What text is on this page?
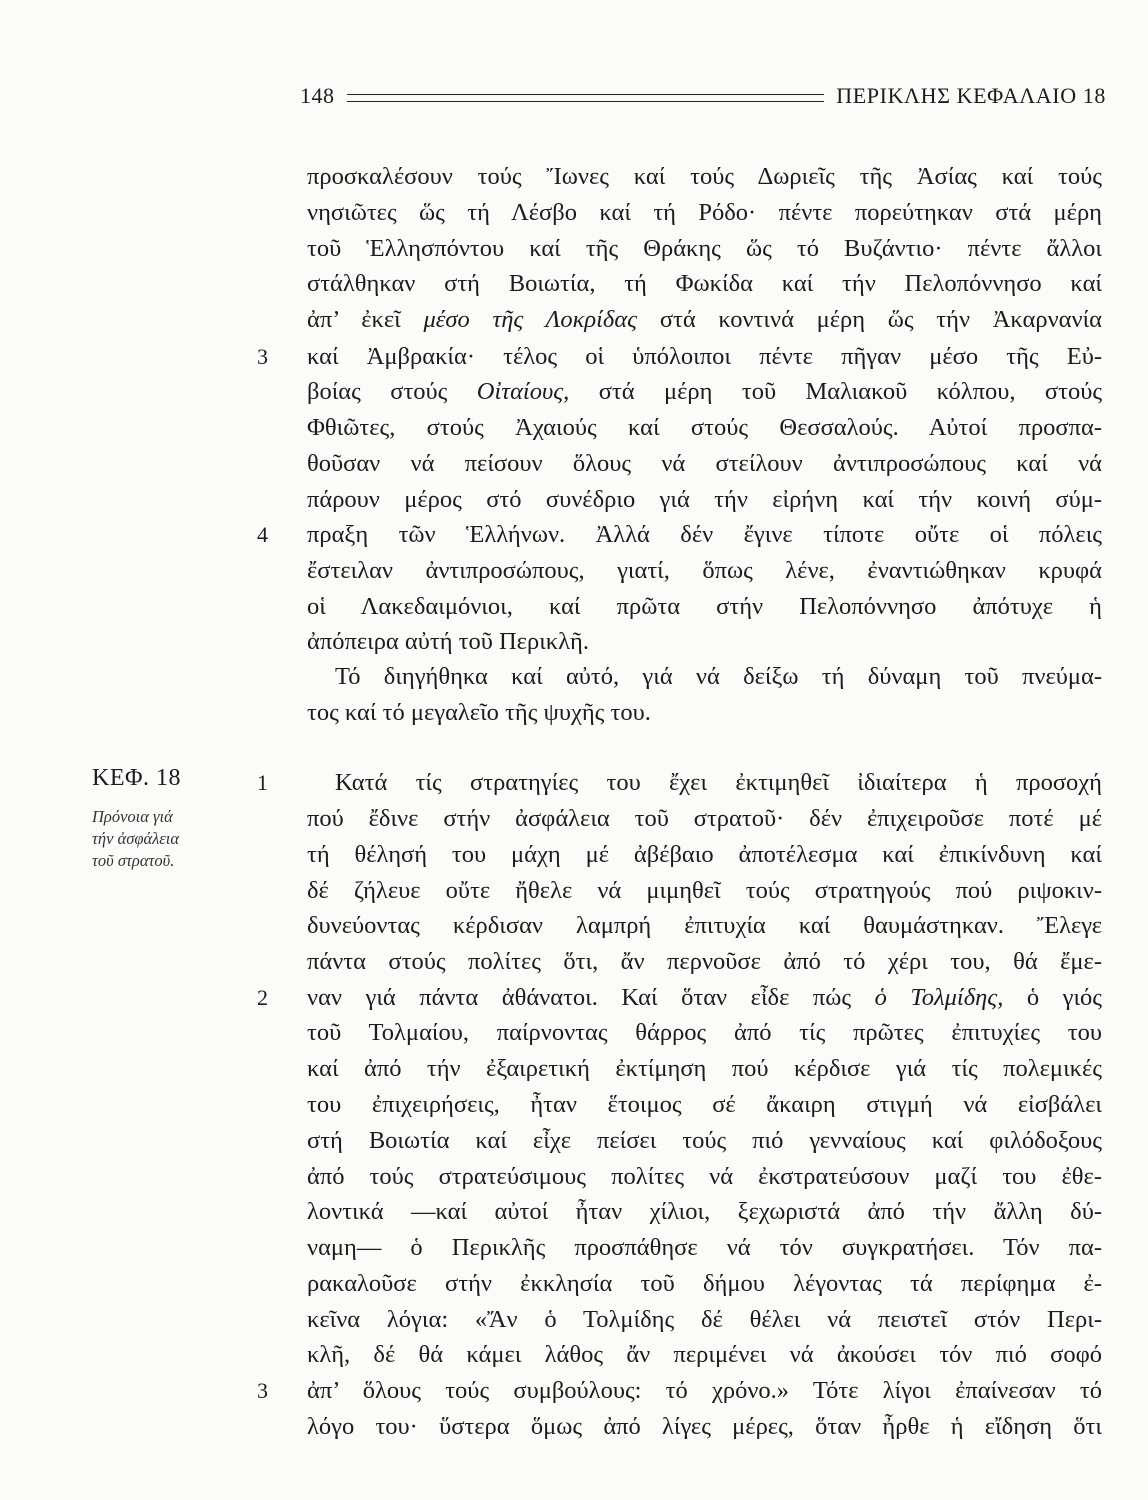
148	ΠΕΡΙΚΛΗΣ ΚΕΦΑΛΑΙΟ 18
ΚΕΦ. 18
Πρόνοια γιά
τήν ἀσφάλεια
τοῦ στρατοῦ.
3
4
1
2
3
προσκαλέσουν τούς Ἴωνες καί τούς Δωριεῖς τῆς Ἀσίας καί τούς
νησιῶτες ὥς τή Λέσβο καί τή Ρόδο· πέντε πορεύτηκαν στά μέρη
τοῦ Ἑλλησπόντου καί τῆς Θράκης ὥς τό Βυζάντιο· πέντε ἄλλοι
στάλθηκαν στή Βοιωτία, τή Φωκίδα καί τήν Πελοπόννησο καί
ἀπ’ ἐκεῖ μέσο τῆς Λοκρίδας στά κοντινά μέρη ὥς τήν Ἀκαρνανία
καί Ἀμβρακία· τέλος οἱ ὑπόλοιποι πέντε πῆγαν μέσο τῆς Εὐ-
βοίας στούς Οἰταίους, στά μέρη τοῦ Μαλιακοῦ κόλπου, στούς
Φθιῶτες, στούς Ἀχαιούς καί στούς Θεσσαλούς. Αὐτοί προσπα-
θοῦσαν νά πείσουν ὅλους νά στείλουν ἀντιπροσώπους καί νά
πάρουν μέρος στό συνέδριο γιά τήν εἰρήνη καί τήν κοινή σύμ-
πραξη τῶν Ἑλλήνων. Ἀλλά δέν ἔγινε τίποτε οὔτε οἱ πόλεις
ἔστειλαν ἀντιπροσώπους, γιατί, ὅπως λένε, ἐναντιώθηκαν κρυφά
οἱ Λακεδαιμόνιοι, καί πρῶτα στήν Πελοπόννησο ἀπότυχε ἡ
ἀπόπειρα αὐτή τοῦ Περικλῆ.
Τό διηγήθηκα καί αὐτό, γιά νά δείξω τή δύναμη τοῦ πνεύμα-
τος καί τό μεγαλεῖο τῆς ψυχῆς του.
Κατά τίς στρατηγίες του ἔχει ἐκτιμηθεῖ ἰδιαίτερα ἡ προσοχή
πού ἔδινε στήν ἀσφάλεια τοῦ στρατοῦ· δέν ἐπιχειροῦσε ποτέ μέ
τή θέλησή του μάχη μέ ἀβέβαιο ἀποτέλεσμα καί ἐπικίνδυνη καί
δέ ζήλευε οὔτε ἤθελε νά μιμηθεῖ τούς στρατηγούς πού ριψοκιν-
δυνεύοντας κέρδισαν λαμπρή ἐπιτυχία καί θαυμάστηκαν. Ἔλεγε
πάντα στούς πολίτες ὅτι, ἄν περνοῦσε ἀπό τό χέρι του, θά ἔμε-
ναν γιά πάντα ἀθάνατοι. Καί ὅταν εἶδε πώς ὁ Τολμίδης, ὁ γιός
τοῦ Τολμαίου, παίρνοντας θάρρος ἀπό τίς πρῶτες ἐπιτυχίες του
καί ἀπό τήν ἐξαιρετική ἐκτίμηση πού κέρδισε γιά τίς πολεμικές
του ἐπιχειρήσεις, ἦταν ἕτοιμος σέ ἄκαιρη στιγμή νά εἰσβάλει
στή Βοιωτία καί εἶχε πείσει τούς πιό γενναίους καί φιλόδοξους
ἀπό τούς στρατεύσιμους πολίτες νά ἐκστρατεύσουν μαζί του ἐθε-
λοντικά —καί αὐτοί ἦταν χίλιοι, ξεχωριστά ἀπό τήν ἄλλη δύ-
ναμη— ὁ Περικλῆς προσπάθησε νά τόν συγκρατήσει. Τόν πα-
ρακαλοῦσε στήν ἐκκλησία τοῦ δήμου λέγοντας τά περίφημα ἐ-
κεῖνα λόγια: «Ἄν ὁ Τολμίδης δέ θέλει νά πειστεῖ στόν Περι-
κλῆ, δέ θά κάμει λάθος ἄν περιμένει νά ἀκούσει τόν πιό σοφό
ἀπ’ ὅλους τούς συμβούλους: τό χρόνο.» Τότε λίγοι ἐπαίνεσαν τό
λόγο του· ὕστερα ὅμως ἀπό λίγες μέρες, ὅταν ἦρθε ἡ εἴδηση ὅτι
